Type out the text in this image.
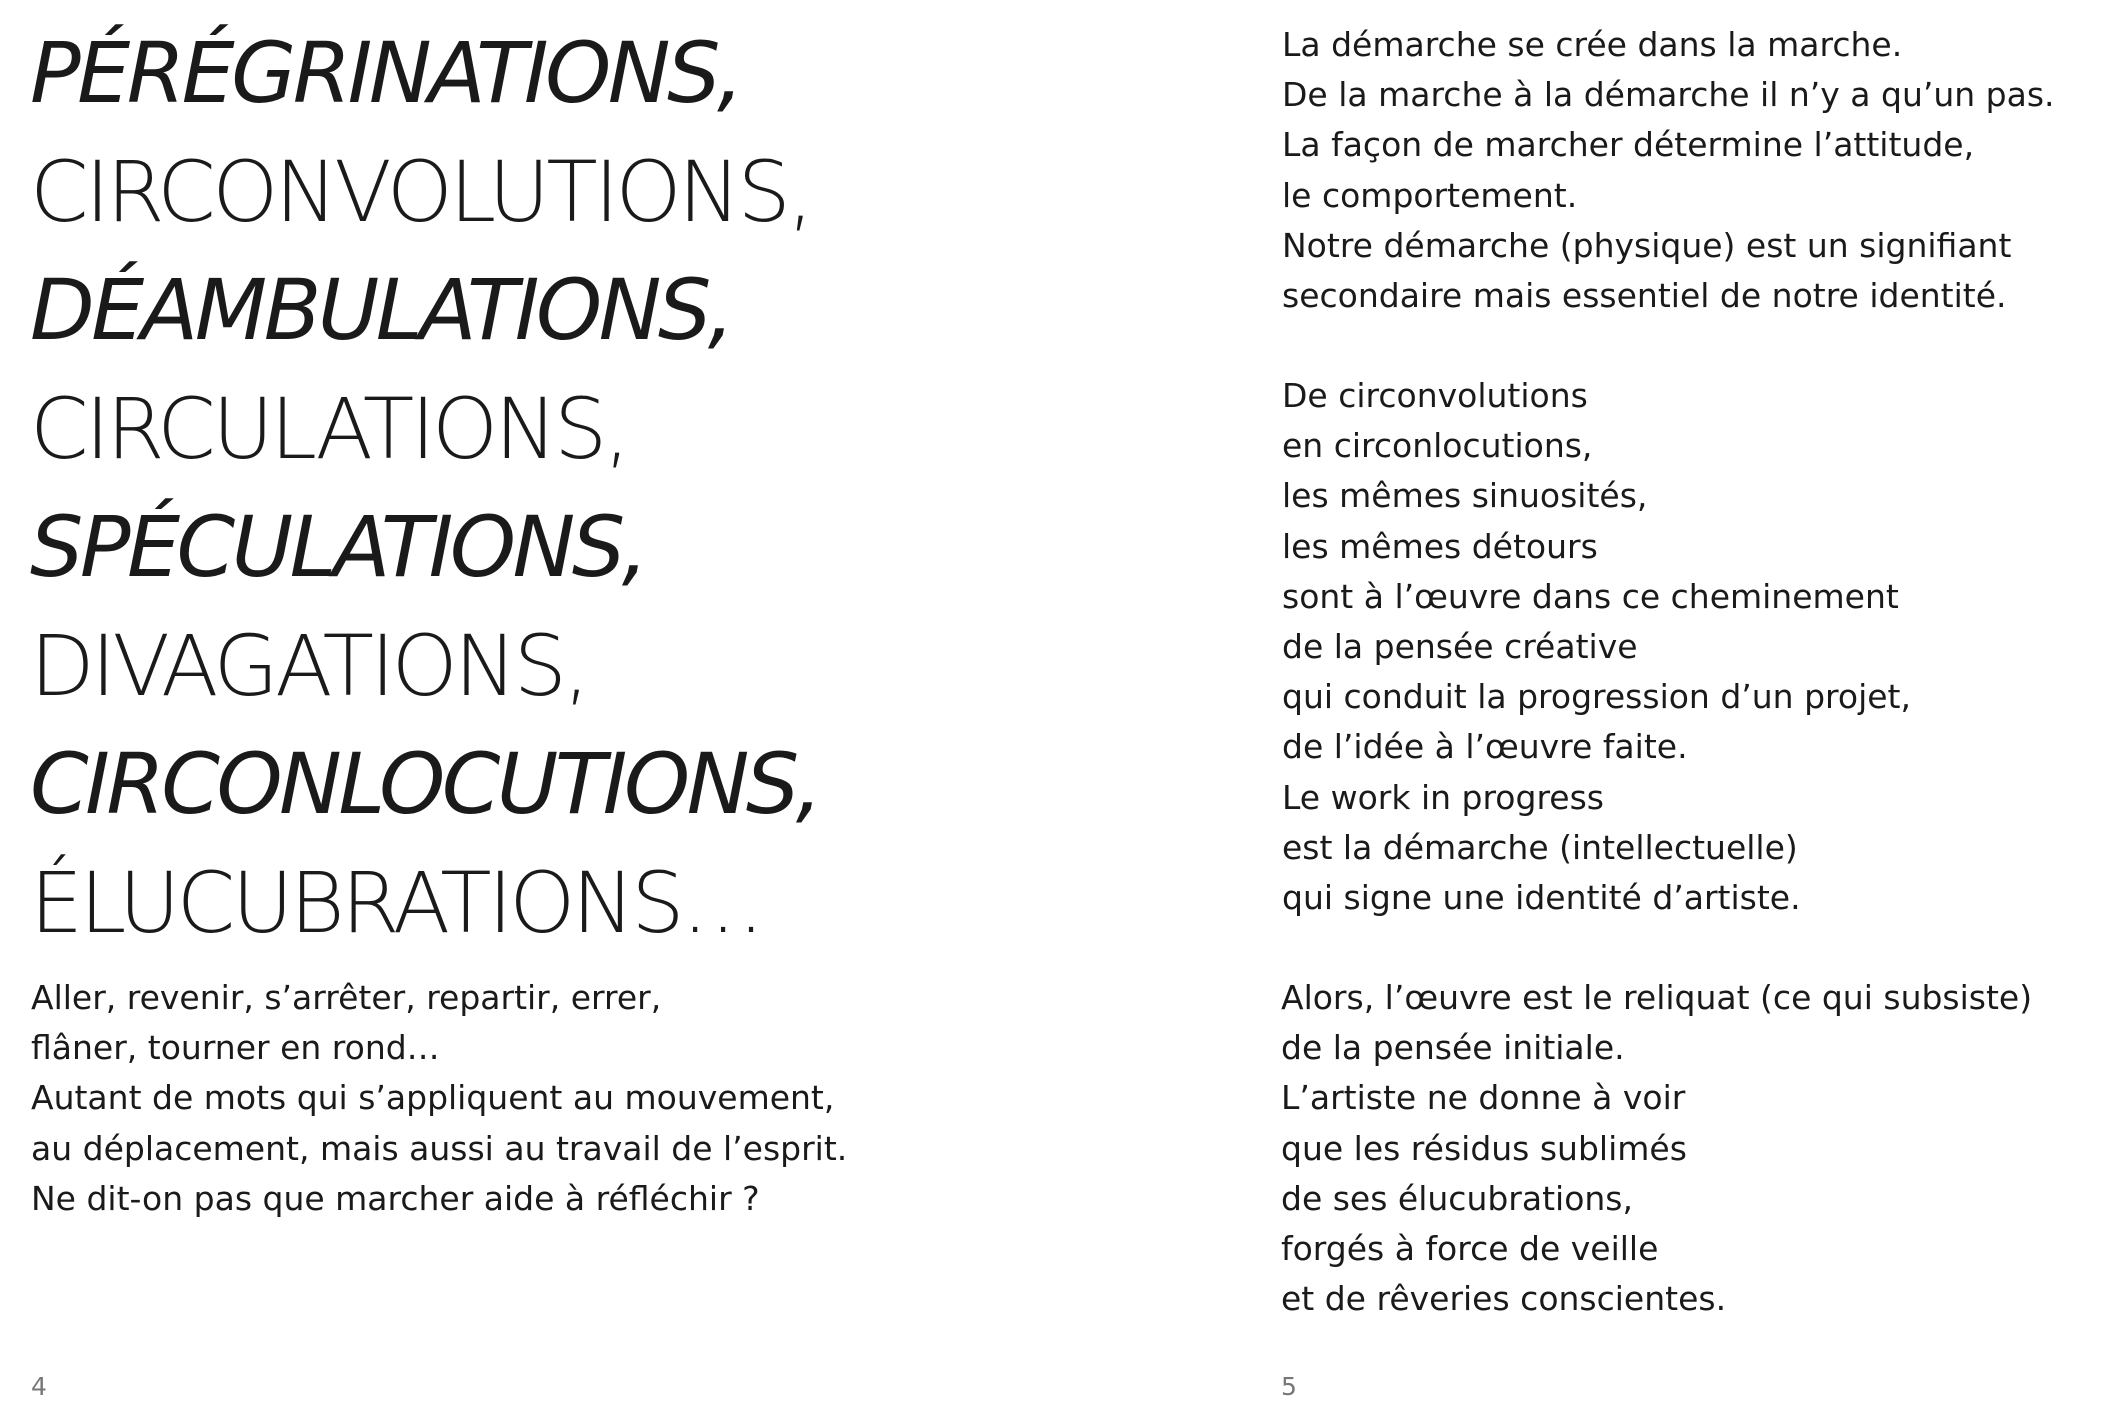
PÉRÉGRINATIONS,
CIRCONVOLUTIONS,
DÉAMBULATIONS,
CIRCULATIONS,
SPÉCULATIONS,
DIVAGATIONS,
CIRCONLOCUTIONS,
ÉLUCUBRATIONS…
Aller, revenir, s’arrêter, repartir, errer,
flâner, tourner en rond…
Autant de mots qui s’appliquent au mouvement,
au déplacement, mais aussi au travail de l’esprit.
Ne dit-on pas que marcher aide à réfléchir ?
La démarche se crée dans la marche.
De la marche à la démarche il n’y a qu’un pas.
La façon de marcher détermine l’attitude,
le comportement.
Notre démarche (physique) est un signifiant
secondaire mais essentiel de notre identité.
De circonvolutions
en circonlocutions,
les mêmes sinuosités,
les mêmes détours
sont à l’œuvre dans ce cheminement
de la pensée créative
qui conduit la progression d’un projet,
de l’idée à l’œuvre faite.
Le work in progress
est la démarche (intellectuelle)
qui signe une identité d’artiste.
Alors, l’œuvre est le reliquat (ce qui subsiste)
de la pensée initiale.
L’artiste ne donne à voir
que les résidus sublimés
de ses élucubrations,
forgés à force de veille
et de rêveries conscientes.
4	5
